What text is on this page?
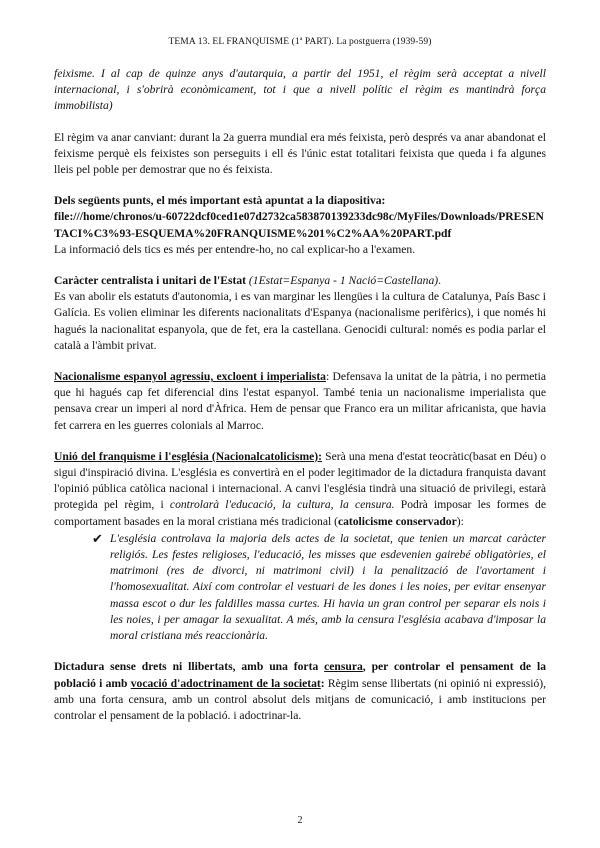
TEMA 13. EL FRANQUISME (1ª PART). La postguerra (1939-59)

feixisme. I al cap de quinze anys d'autarquia, a partir del 1951, el règim serà acceptat a nivell internacional, i s'obrirà econòmicament, tot i que a nivell polític el règim es mantindrà força immobilista)

El règim va anar canviant: durant la 2a guerra mundial era més feixista, però després va anar abandonat el feixisme perquè els feixistes son perseguits i ell és l'únic estat totalitari feixista que queda i fa algunes lleis pel poble per demostrar que no és feixista.

Dels següents punts, el més important està apuntat a la diapositiva:

file:///home/chronos/u-60722dcf0ced1e07d2732ca583870139233dc98c/MyFiles/Downloads/PRESENTACI%C3%93-ESQUEMA%20FRANQUISME%201%C2%AA%20PART.pdf

La informació dels tics es més per entendre-ho, no cal explicar-ho a l'examen.

Caràcter centralista i unitari de l'Estat (1Estat=Espanya - 1 Nació=Castellana).

Es van abolir els estatuts d'autonomia, i es van marginar les llengües i la cultura de Catalunya, País Basc i Galícia. Es volien eliminar les diferents nacionalitats d'Espanya (nacionalisme perifèrics), i que només hi hagués la nacionalitat espanyola, que de fet, era la castellana. Genocidi cultural: només es podia parlar el català a l'àmbit privat.

Nacionalisme espanyol agressiu, excloent i imperialista: Defensava la unitat de la pàtria, i no permetia que hi hagués cap fet diferencial dins l'estat espanyol. També tenia un nacionalisme imperialista que pensava crear un imperi al nord d'Àfrica. Hem de pensar que Franco era un militar africanista, que havia fet carrera en les guerres colonials al Marroc.

Unió del franquisme i l'església (Nacionalcatolicisme): Serà una mena d'estat teocràtic(basat en Déu) o sigui d'inspiració divina. L'església es convertirà en el poder legitimador de la dictadura franquista davant l'opinió pública catòlica nacional i internacional. A canvi l'església tindrà una situació de privilegi, estarà protegida pel règim, i controlarà l'educació, la cultura, la censura. Podrà imposar les formes de comportament basades en la moral cristiana més tradicional (catolicisme conservador):

✔ L'església controlava la majoria dels actes de la societat, que tenien un marcat caràcter religiós. Les festes religioses, l'educació, les misses que esdevenien gairebé obligatòries, el matrimoni (res de divorci, ni matrimoni civil) i la penalització de l'avortament i l'homosexualitat. Així com controlar el vestuari de les dones i les noies, per evitar ensenyar massa escot o dur les faldilles massa curtes. Hi havia un gran control per separar els nois i les noies, i per amagar la sexualitat. A més, amb la censura l'església acabava d'imposar la moral cristiana més reaccionària.

Dictadura sense drets ni llibertats, amb una forta censura, per controlar el pensament de la població i amb vocació d'adoctrinament de la societat: Règim sense llibertats (ni opinió ni expressió), amb una forta censura, amb un control absolut dels mitjans de comunicació, i amb institucions per controlar el pensament de la població. i adoctrinar-la.

2
